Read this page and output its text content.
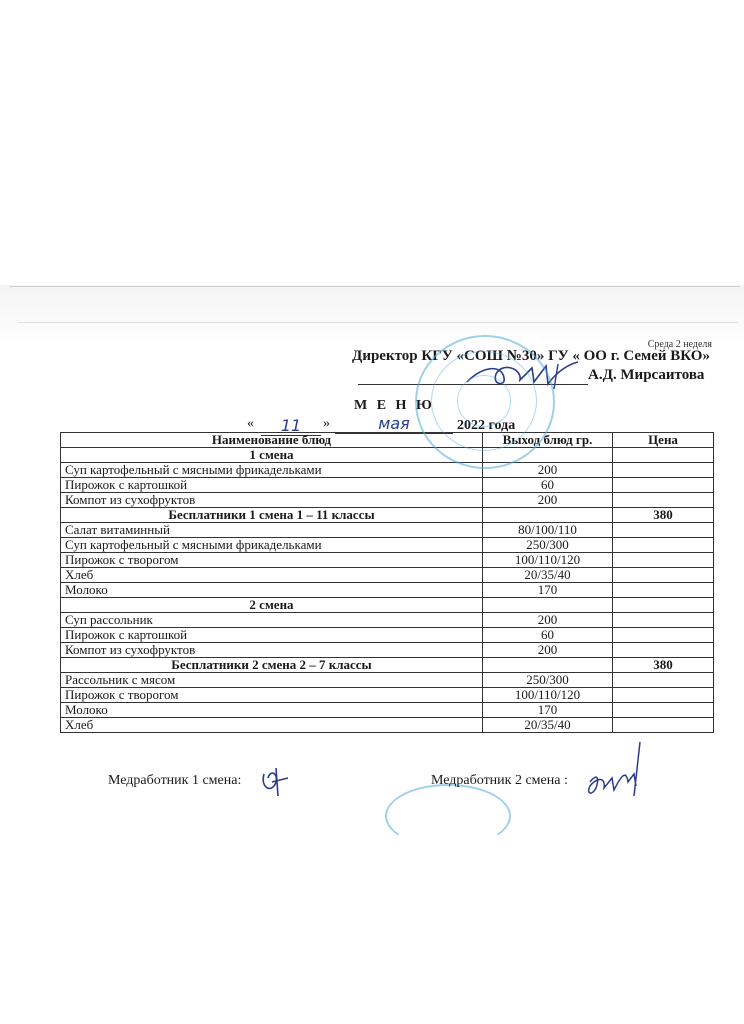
Среда 2 неделя
Директор КГУ «СОШ №30» ГУ « ОО г. Семей ВКО»
А.Д. Мирсаитова
М Е Н Ю
«	11	»	мая	2022 года
Наименование блюд	Выход блюд гр.	Цена
1 смена		
Суп картофельный с мясными фрикадельками	200	
Пирожок с картошкой	60	
Компот из сухофруктов	200	
Бесплатники 1 смена 1 – 11 классы		380
Салат витаминный	80/100/110	
Суп картофельный с мясными фрикадельками	250/300	
Пирожок с творогом	100/110/120	
Хлеб	20/35/40	
Молоко	170	
2 смена		
Суп рассольник	200	
Пирожок с картошкой	60	
Компот из сухофруктов	200	
Бесплатники 2 смена 2 – 7 классы		380
Рассольник с мясом	250/300	
Пирожок с творогом	100/110/120	
Молоко	170	
Хлеб	20/35/40	
Медработник 1 смена:	Медработник 2 смена :
